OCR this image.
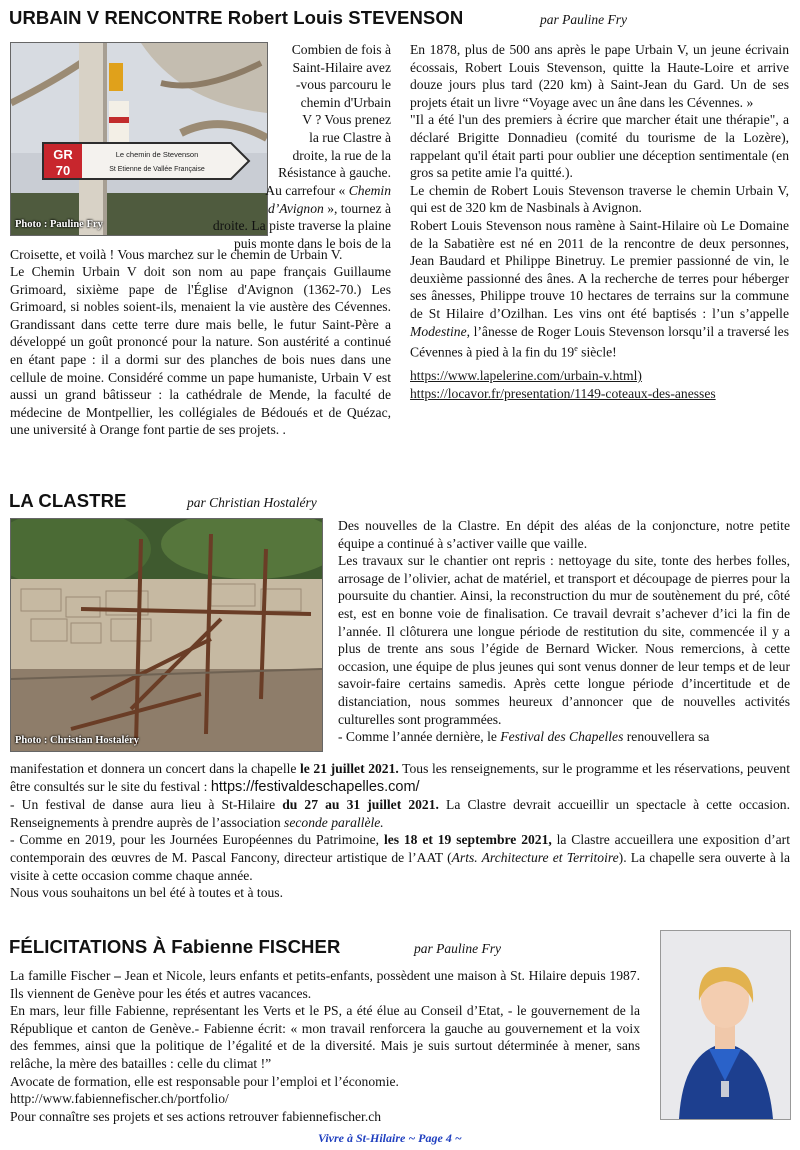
URBAIN V RENCONTRE Robert Louis STEVENSON	par Pauline Fry
GR
70
Le chemin de Stevenson
St Etienne de Vallée Française
Photo : Pauline Fry
Combien de fois à
Saint-Hilaire avez
-vous parcouru le
chemin d'Urbain
V ? Vous prenez
la rue Clastre à
droite, la rue de la
Résistance à gauche.
Au carrefour « Chemin
d’Avignon », tournez à
droite. La piste traverse la plaine
puis monte dans le bois de la
Croisette, et voilà ! Vous marchez sur le chemin de Urbain V.

Le Chemin Urbain V doit son nom au pape français Guillaume Grimoard, sixième pape de l'Église d'Avignon (1362-70.) Les Grimoard, si nobles soient-ils, menaient la vie austère des Cévennes. Grandissant dans cette terre dure mais belle, le futur Saint-Père a développé un goût prononcé pour la nature. Son austérité a continué en étant pape : il a dormi sur des planches de bois nues dans une cellule de moine. Considéré comme un pape humaniste, Urbain V est aussi un grand bâtisseur : la cathédrale de Mende, la faculté de médecine de Montpellier, les collégiales de Bédoués et de Quézac, une université à Orange font partie de ses projets. .

En 1878, plus de 500 ans après le pape Urbain V, un jeune écrivain écossais, Robert Louis Stevenson, quitte la Haute-Loire et arrive douze jours plus tard (220 km) à Saint-Jean du Gard. Un de ses projets était un livre “Voyage avec un âne dans les Cévennes. »

"Il a été l'un des premiers à écrire que marcher était une thérapie", a déclaré Brigitte Donnadieu (comité du tourisme de la Lozère), rappelant qu'il était parti pour oublier une déception sentimentale (en gros sa petite amie l'a quitté.).

Le chemin de Robert Louis Stevenson traverse le chemin Urbain V, qui est de 320 km de Nasbinals à Avignon.

Robert Louis Stevenson nous ramène à Saint-Hilaire où Le Domaine de la Sabatière est né en 2011 de la rencontre de deux personnes, Jean Baudard et Philippe Binetruy. Le premier passionné de vin, le deuxième passionné des ânes. A la recherche de terres pour héberger ses ânesses, Philippe trouve 10 hectares de terrains sur la commune de St Hilaire d’Ozilhan. Les vins ont été baptisés : l’un s’appelle Modestine, l’ânesse de Roger Louis Stevenson lorsqu’il a traversé les Cévennes à pied à la fin du 19e siècle!

https://www.lapelerine.com/urbain-v.html)

https://locavor.fr/presentation/1149-coteaux-des-anesses

LA CLASTRE	par Christian Hostaléry
Photo : Christian Hostaléry

Des nouvelles de la Clastre. En dépit des aléas de la conjoncture, notre petite équipe a continué à s’activer vaille que vaille.

Les travaux sur le chantier ont repris : nettoyage du site, tonte des herbes folles, arrosage de l’olivier, achat de matériel, et transport et découpage de pierres pour la poursuite du chantier. Ainsi, la reconstruction du mur de soutènement du pré, côté est, est en bonne voie de finalisation. Ce travail devrait s’achever d’ici la fin de l’année. Il clôturera une longue période de restitution du site, commencée il y a plus de trente ans sous l’égide de Bernard Wicker. Nous remercions, à cette occasion, une équipe de plus jeunes qui sont venus donner de leur temps et de leur savoir-faire certains samedis. Après cette longue période d’incertitude et de distanciation, nous sommes heureux d’annoncer que de nouvelles activités culturelles sont programmées.

- Comme l’année dernière, le Festival des Chapelles renouvellera sa

manifestation et donnera un concert dans la chapelle le 21 juillet 2021. Tous les renseignements, sur le programme et les réservations, peuvent être consultés sur le site du festival : https://festivaldeschapelles.com/

- Un festival de danse aura lieu à St-Hilaire du 27 au 31 juillet 2021. La Clastre devrait accueillir un spectacle à cette occasion. Renseignements à prendre auprès de l’association seconde parallèle.

- Comme en 2019, pour les Journées Européennes du Patrimoine, les 18 et 19 septembre 2021, la Clastre accueillera une exposition d’art contemporain des œuvres de M. Pascal Fancony, directeur artistique de l’AAT (Arts. Architecture et Territoire). La chapelle sera ouverte à la visite à cette occasion comme chaque année.

Nous vous souhaitons un bel été à toutes et à tous.

FÉLICITATIONS À Fabienne FISCHER	par Pauline Fry

La famille Fischer – Jean et Nicole, leurs enfants et petits-enfants, possèdent une maison à St. Hilaire depuis 1987. Ils viennent de Genève pour les étés et autres vacances.

En mars, leur fille Fabienne, représentant les Verts et le PS, a été élue au Conseil d’Etat, - le gouvernement de la République et canton de Genève.- Fabienne écrit: « mon travail renforcera la gauche au gouvernement et la voix des femmes, ainsi que la politique de l’égalité et de la diversité. Mais je suis surtout déterminée à mener, sans relâche, la mère des batailles : celle du climat !”

Avocate de formation, elle est responsable pour l’emploi et l’économie.

http://www.fabiennefischer.ch/portfolio/

Pour connaître ses projets et ses actions retrouver fabiennefischer.ch

Vivre à St-Hilaire ~ Page 4 ~
